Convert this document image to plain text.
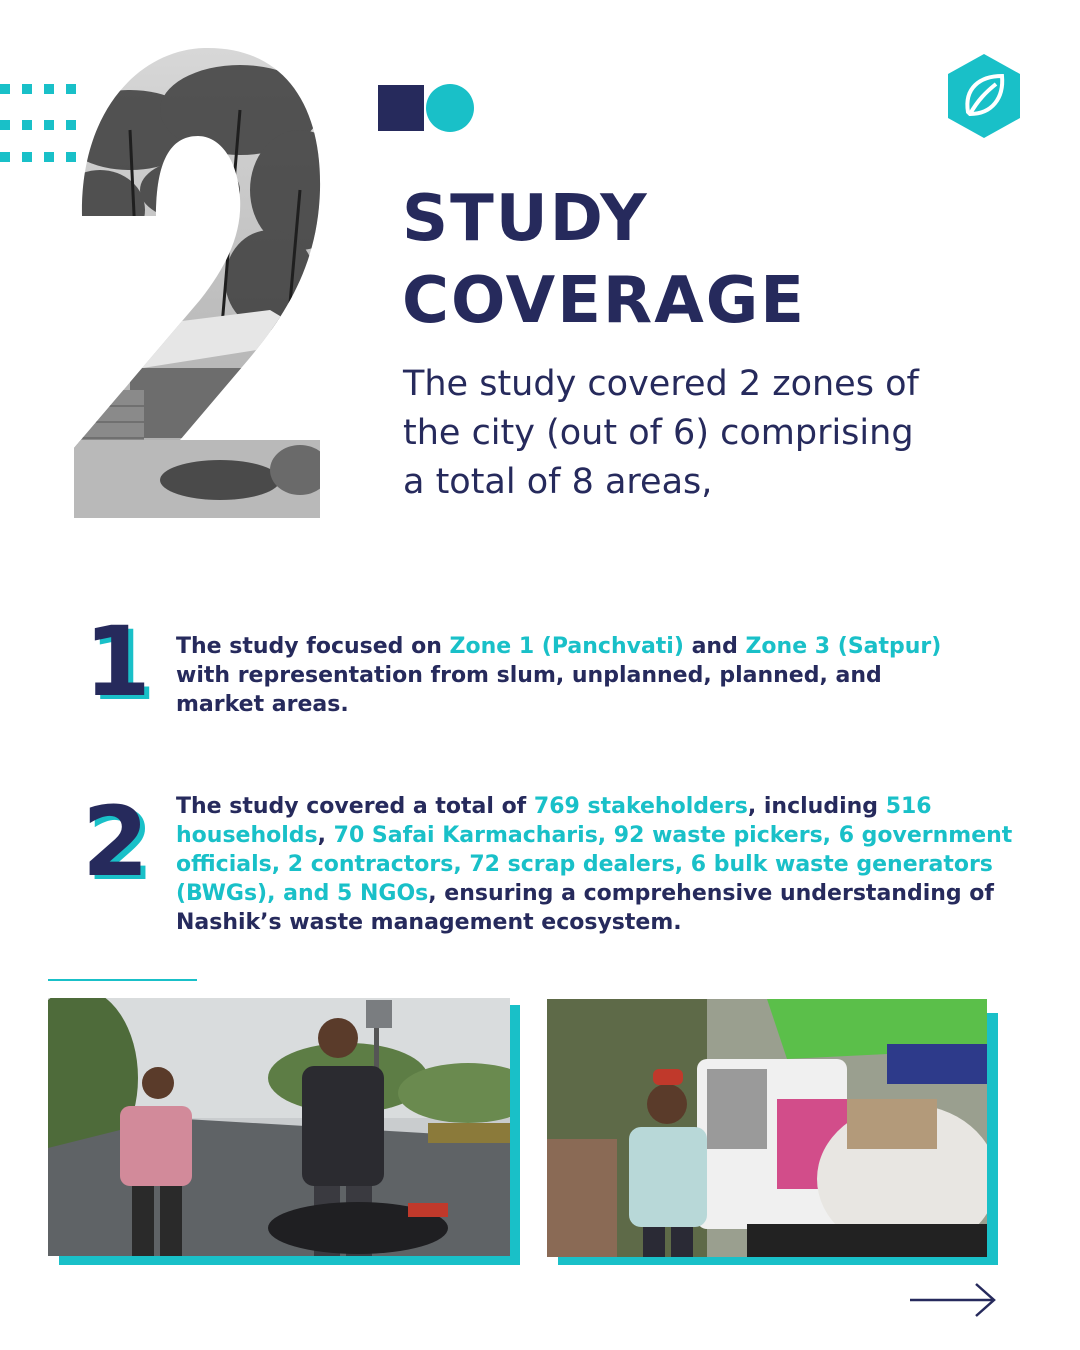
STUDY
COVERAGE

The study covered 2 zones of
the city (out of 6) comprising
a total of 8 areas,

1 The study focused on Zone 1 (Panchvati) and Zone 3 (Satpur)
with representation from slum, unplanned, planned, and
market areas.

2 The study covered a total of 769 stakeholders, including 516
households, 70 Safai Karmacharis, 92 waste pickers, 6 government
officials, 2 contractors, 72 scrap dealers, 6 bulk waste generators
(BWGs), and 5 NGOs, ensuring a comprehensive understanding of
Nashik’s waste management ecosystem.
